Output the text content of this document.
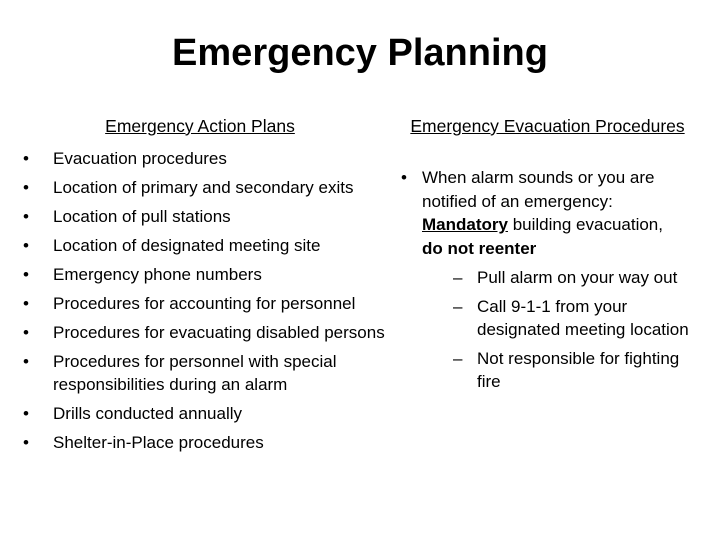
Emergency Planning
Emergency Action Plans
• Evacuation procedures
• Location of primary and secondary exits
• Location of pull stations
• Location of designated meeting site
• Emergency phone numbers
• Procedures for accounting for personnel
• Procedures for evacuating disabled persons
• Procedures for personnel with special responsibilities during an alarm
• Drills conducted annually
• Shelter-in-Place procedures
Emergency Evacuation Procedures
• When alarm sounds or you are notified of an emergency: Mandatory building evacuation,
do not reenter
– Pull alarm on your way out
– Call 9-1-1 from your designated meeting location
– Not responsible for fighting fire
